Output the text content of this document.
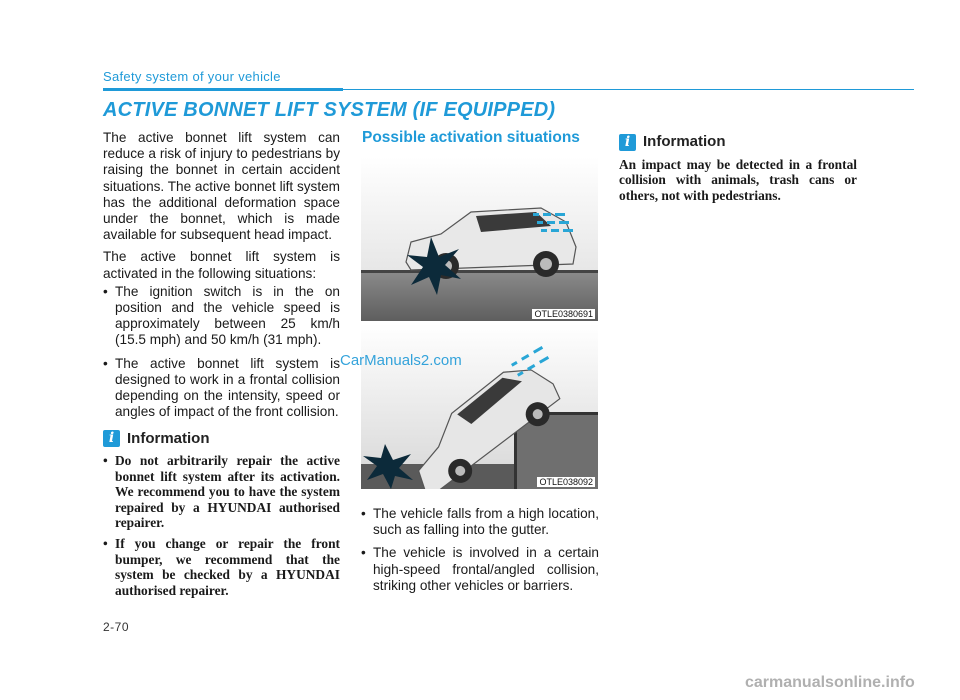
Safety system of your vehicle
ACTIVE BONNET LIFT SYSTEM (IF EQUIPPED)

The active bonnet lift system can reduce a risk of injury to pedestrians by raising the bonnet in certain accident situations. The active bonnet lift system has the additional deformation space under the bonnet, which is made available for subsequent head impact.

The active bonnet lift system is activated in the following situations:

• The ignition switch is in the on position and the vehicle speed is approximately between 25 km/h (15.5 mph) and 50 km/h (31 mph).
• The active bonnet lift system is designed to work in a frontal collision depending on the intensity, speed or angles of impact of the front collision.
i Information
• Do not arbitrarily repair the active bonnet lift system after its activation. We recommend you to have the system repaired by a HYUNDAI authorised repairer.
• If you change or repair the front bumper, we recommend that the system be checked by a HYUNDAI authorised repairer.
Possible activation situations
OTLE0380691
OTLE038092
• The vehicle falls from a high location, such as falling into the gutter.
• The vehicle is involved in a certain high-speed frontal/angled collision, striking other vehicles or barriers.
i Information
An impact may be detected in a frontal collision with animals, trash cans or others, not with pedestrians.
CarManuals2.com
2-70
carmanualsonline.info
